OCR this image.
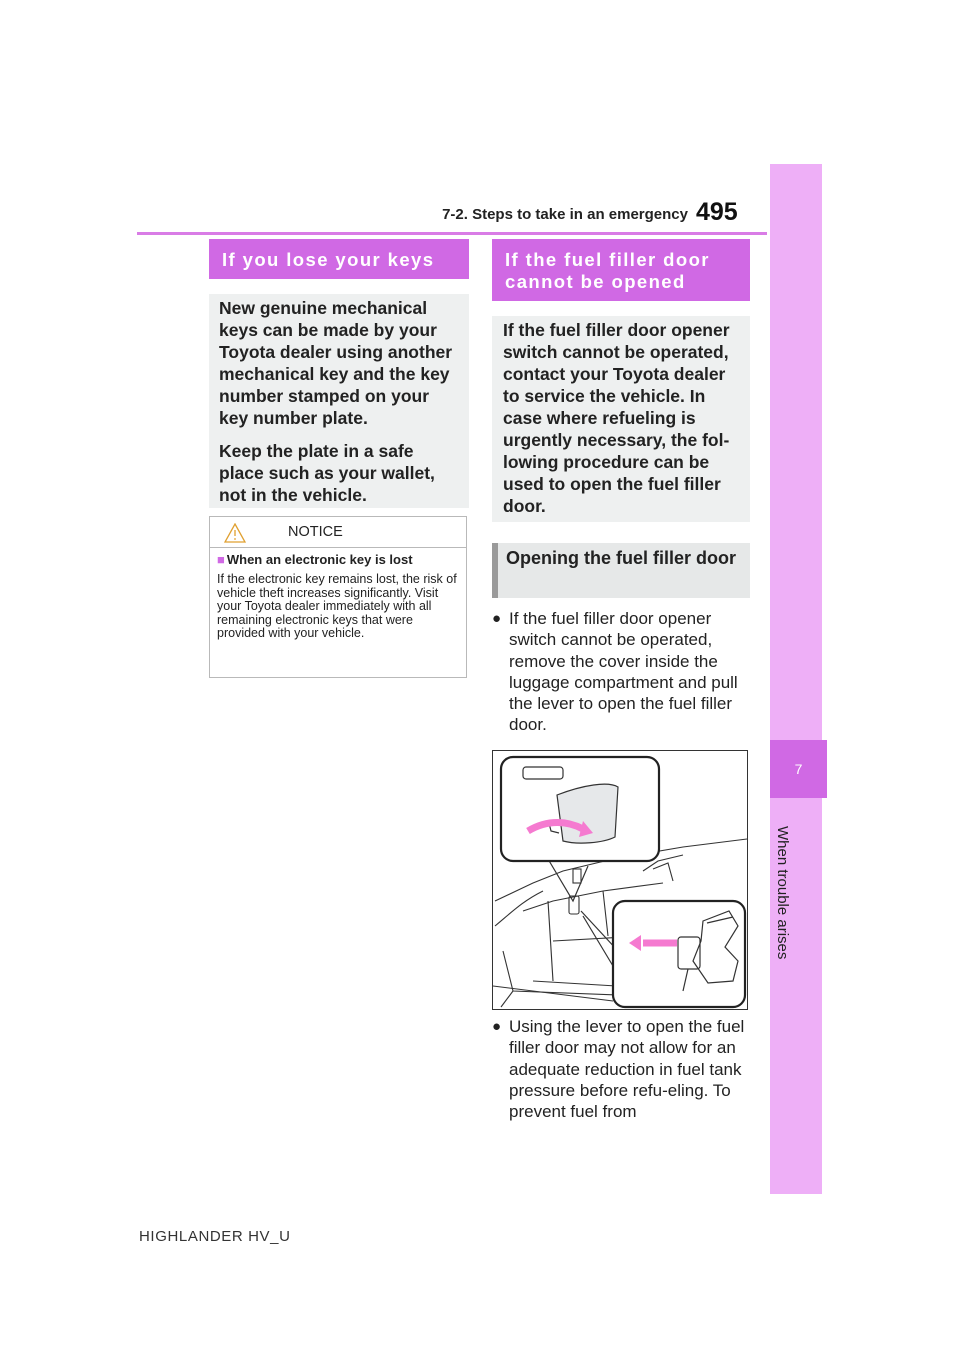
7-2. Steps to take in an emergency 495
7
When trouble arises
If you lose your keys

New genuine mechanical keys can be made by your Toyota dealer using another mechanical key and the key number stamped on your key number plate.

Keep the plate in a safe place such as your wallet, not in the vehicle.

NOTICE
■ When an electronic key is lost
If the electronic key remains lost, the risk of vehicle theft increases significantly. Visit your Toyota dealer immediately with all remaining electronic keys that were provided with your vehicle.
If the fuel filler door cannot be opened
If the fuel filler door opener switch cannot be operated, contact your Toyota dealer to service the vehicle. In case where refueling is urgently necessary, the fol-lowing procedure can be used to open the fuel filler door.
Opening the fuel filler door
● If the fuel filler door opener switch cannot be operated, remove the cover inside the luggage compartment and pull the lever to open the fuel filler door.
● Using the lever to open the fuel filler door may not allow for an adequate reduction in fuel tank pressure before refu-eling. To prevent fuel from
HIGHLANDER HV_U
